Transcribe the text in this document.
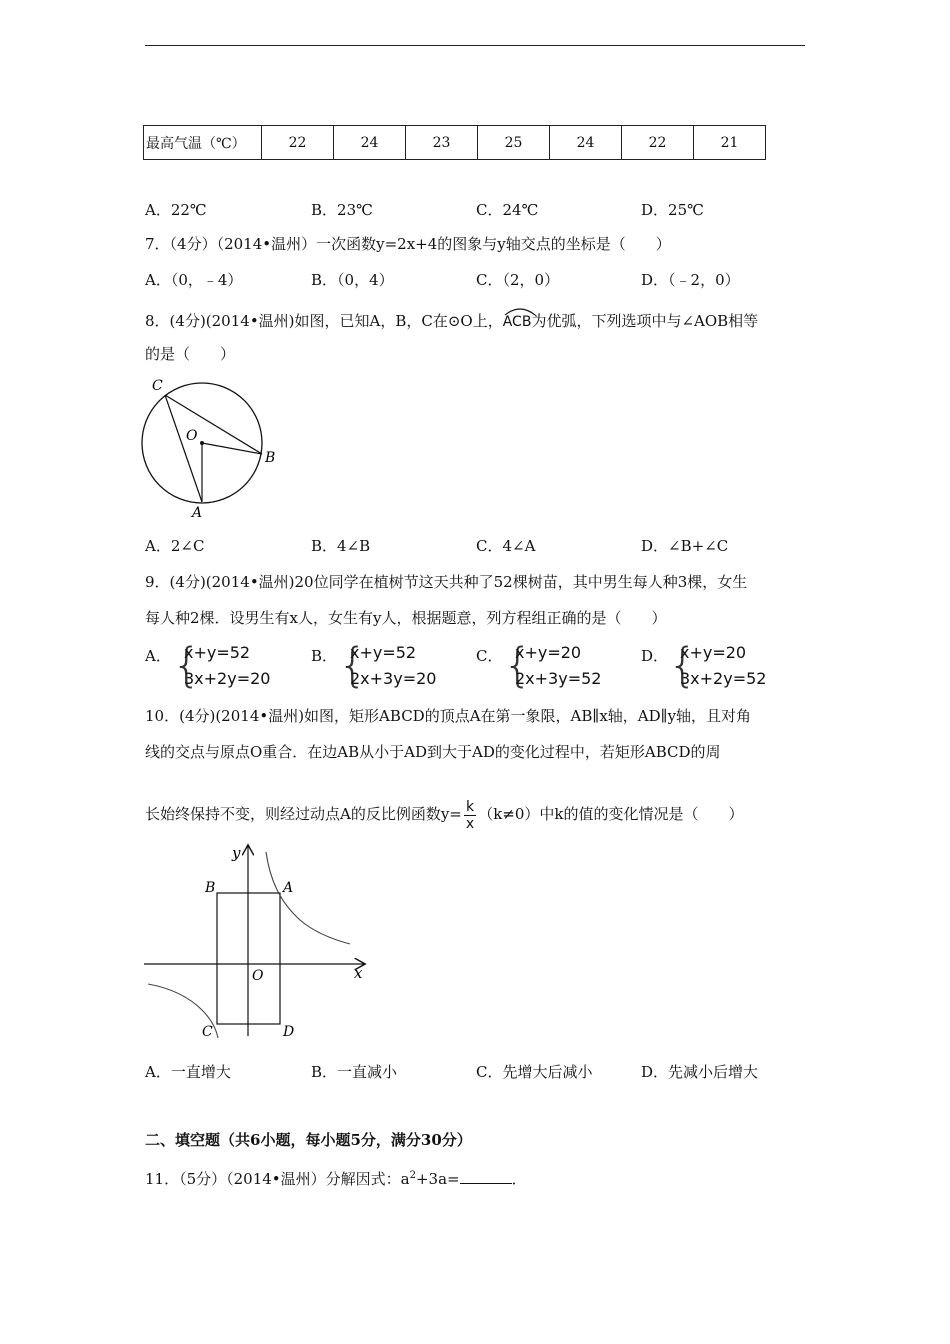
最高气温（℃）	22	24	23	25	24	22	21
A．22℃	B．23℃	C．24℃	D．25℃
7．（4分）（2014•温州）一次函数y=2x+4的图象与y轴交点的坐标是（　　）
A．（0，﹣4）	B．（0，4）	C．（2，0）	D．（﹣2，0）
8．(4分)(2014•温州)如图，已知A，B，C在⊙O上，
ACB为优弧，下列选项中与∠AOB相等
的是（　　）
C
O
B
A
A．2∠C	B．4∠B	C．4∠A	D．∠B+∠C
9．(4分)(2014•温州)20位同学在植树节这天共种了52棵树苗，其中男生每人种3棵，女生
每人种2棵．设男生有x人，女生有y人，根据题意，列方程组正确的是（　　）
A． {
x+y=52
3x+2y=20
B． {
x+y=52
2x+3y=20
C． {
x+y=20
2x+3y=52
D． {
x+y=20
3x+2y=52
10．(4分)(2014•温州)如图，矩形ABCD的顶点A在第一象限，AB∥x轴，AD∥y轴，且对角
线的交点与原点O重合．在边AB从小于AD到大于AD的变化过程中，若矩形ABCD的周
长始终保持不变，则经过动点A的反比例函数$y= \frac{k}{x} (k\ne 0)$中k的值的变化情况是（　　）
y
x
B	A
O
C	D
A．一直增大	B．一直减小	C．先增大后减小	D．先减小后增大
二、填空题（共6小题，每小题5分，满分30分）
11．（5分）（2014•温州）分解因式：$a^2+3a=$	．
